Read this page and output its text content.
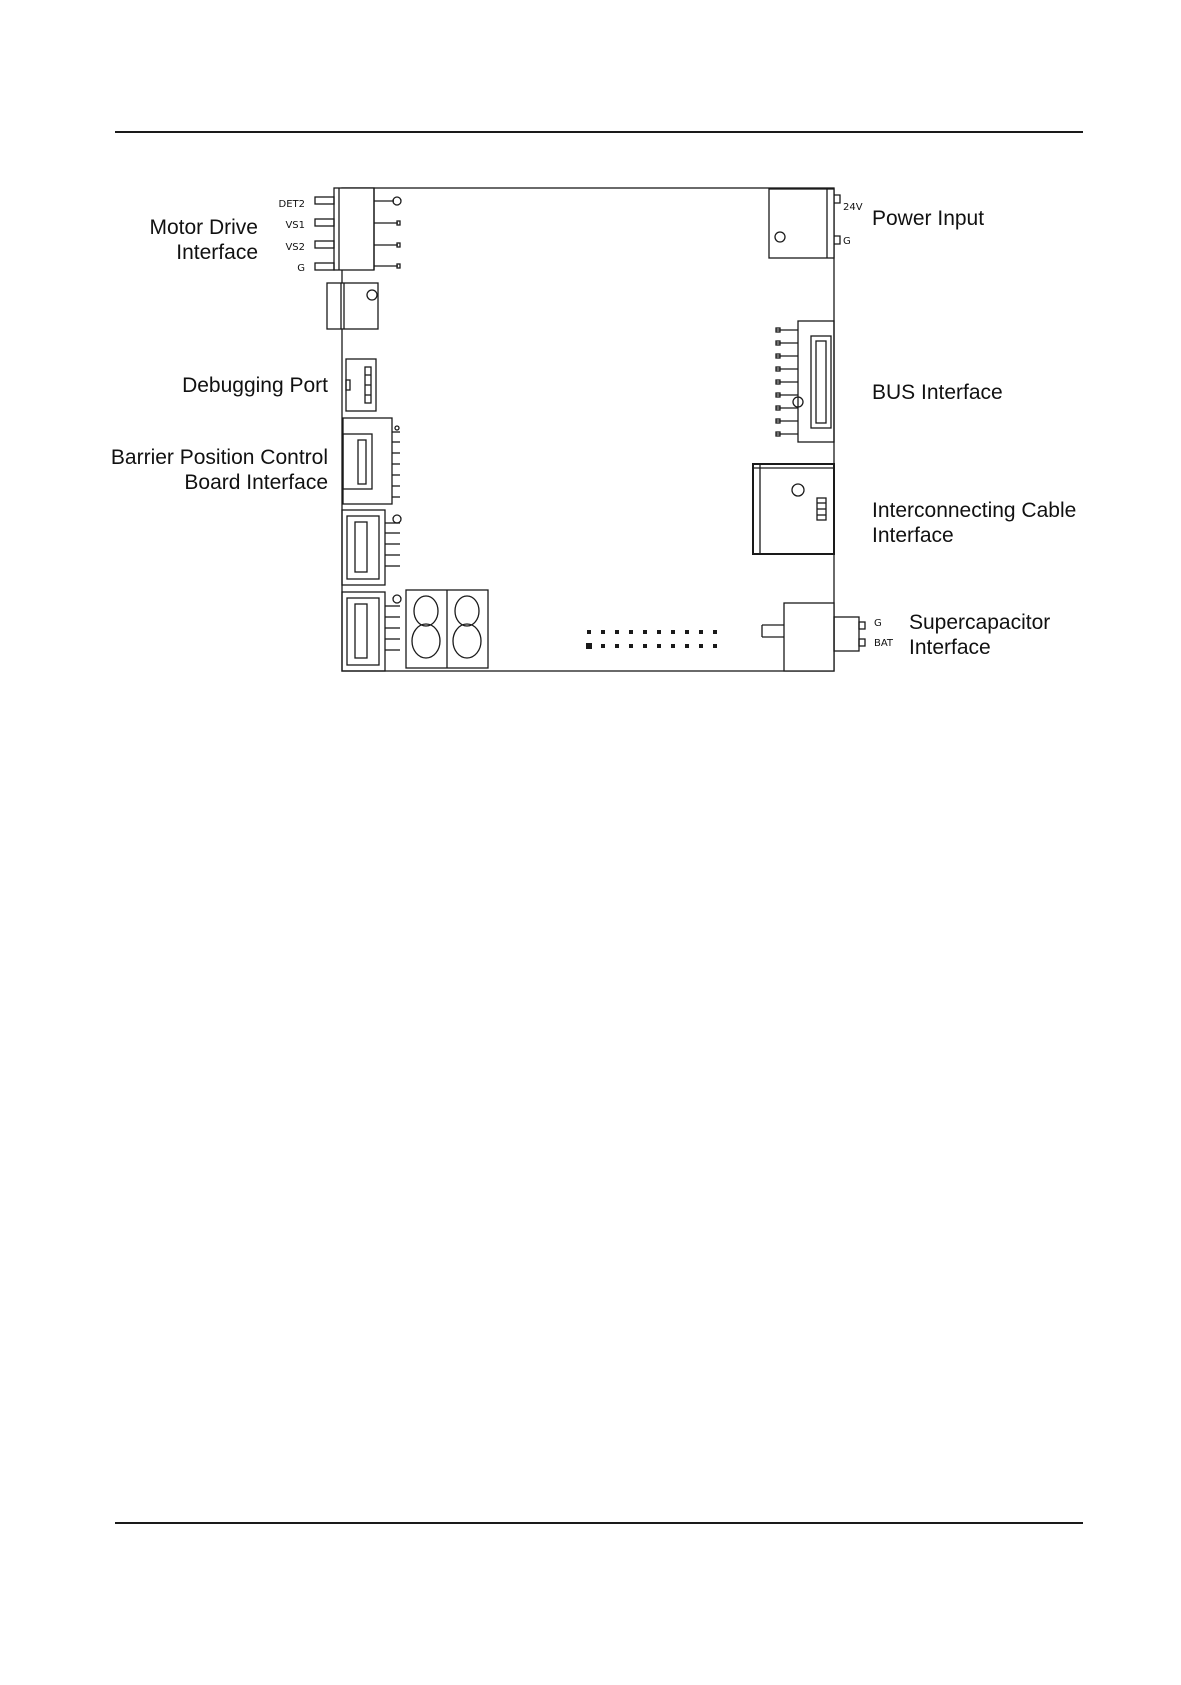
Motor Drive
Interface
Debugging Port
Barrier Position Control
Board Interface
Power Input
BUS Interface
Interconnecting Cable
Interface
Supercapacitor
Interface
DET2
VS1
VS2
G
24V
G
G
BAT
